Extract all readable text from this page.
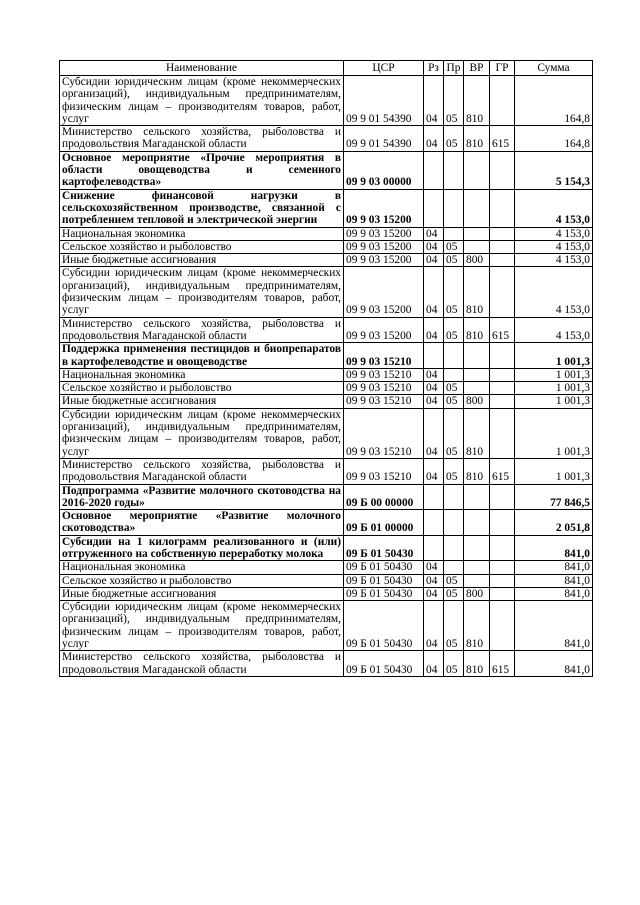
Наименование	ЦСР	Рз	Пр	ВР	ГР	Сумма
Субсидии юридическим лицам (кроме некоммерческих организаций), индивидуальным предпринимателям, физическим лицам – производителям товаров, работ, услуг	09 9 01 54390	04	05	810		164,8
Министерство сельского хозяйства, рыболовства и продовольствия Магаданской области	09 9 01 54390	04	05	810	615	164,8
Основное мероприятие «Прочие мероприятия в области овощеводства и семенного картофелеводства»	09 9 03 00000					5 154,3
Снижение финансовой нагрузки в сельскохозяйственном производстве, связанной с потреблением тепловой и электрической энергии	09 9 03 15200					4 153,0
Национальная экономика	09 9 03 15200	04				4 153,0
Сельское хозяйство и рыболовство	09 9 03 15200	04	05			4 153,0
Иные бюджетные ассигнования	09 9 03 15200	04	05	800		4 153,0
Субсидии юридическим лицам (кроме некоммерческих организаций), индивидуальным предпринимателям, физическим лицам – производителям товаров, работ, услуг	09 9 03 15200	04	05	810		4 153,0
Министерство сельского хозяйства, рыболовства и продовольствия Магаданской области	09 9 03 15200	04	05	810	615	4 153,0
Поддержка применения пестицидов и биопрепаратов в картофелеводстве и овощеводстве	09 9 03 15210					1 001,3
Национальная экономика	09 9 03 15210	04				1 001,3
Сельское хозяйство и рыболовство	09 9 03 15210	04	05			1 001,3
Иные бюджетные ассигнования	09 9 03 15210	04	05	800		1 001,3
Субсидии юридическим лицам (кроме некоммерческих организаций), индивидуальным предпринимателям, физическим лицам – производителям товаров, работ, услуг	09 9 03 15210	04	05	810		1 001,3
Министерство сельского хозяйства, рыболовства и продовольствия Магаданской области	09 9 03 15210	04	05	810	615	1 001,3
Подпрограмма «Развитие молочного скотоводства на 2016-2020 годы»	09 Б 00 00000					77 846,5
Основное мероприятие «Развитие молочного скотоводства»	09 Б 01 00000					2 051,8
Субсидии на 1 килограмм реализованного и (или) отгруженного на собственную переработку молока	09 Б 01 50430					841,0
Национальная экономика	09 Б 01 50430	04				841,0
Сельское хозяйство и рыболовство	09 Б 01 50430	04	05			841,0
Иные бюджетные ассигнования	09 Б 01 50430	04	05	800		841,0
Субсидии юридическим лицам (кроме некоммерческих организаций), индивидуальным предпринимателям, физическим лицам – производителям товаров, работ, услуг	09 Б 01 50430	04	05	810		841,0
Министерство сельского хозяйства, рыболовства и продовольствия Магаданской области	09 Б 01 50430	04	05	810	615	841,0
